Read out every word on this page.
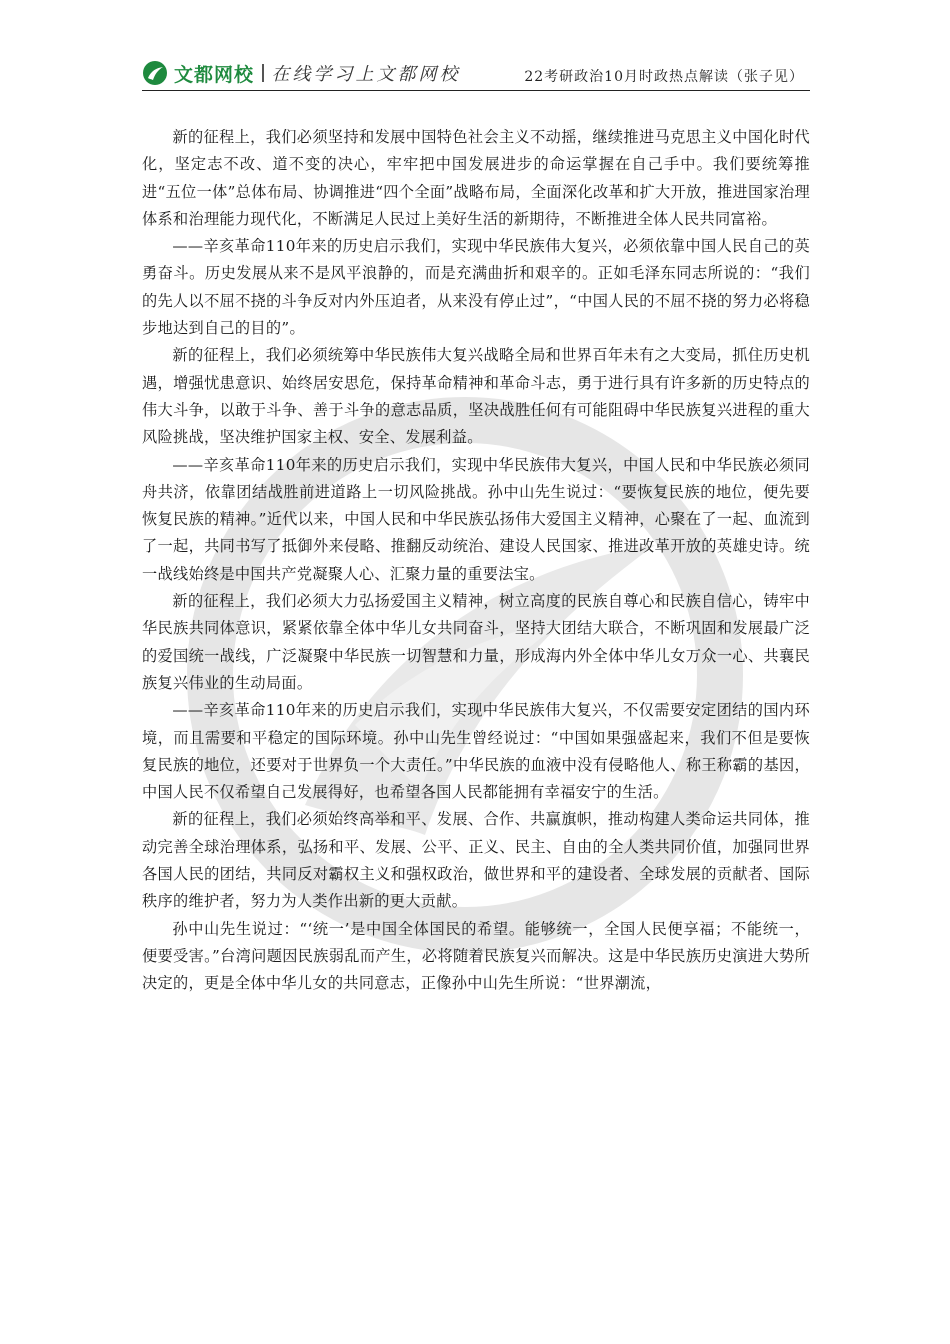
文都网校 在线学习上文都网校	22考研政治10月时政热点解读（张子见）

新的征程上，我们必须坚持和发展中国特色社会主义不动摇，继续推进马克思主义中国化时代化，坚定志不改、道不变的决心，牢牢把中国发展进步的命运掌握在自己手中。我们要统筹推进“五位一体”总体布局、协调推进“四个全面”战略布局，全面深化改革和扩大开放，推进国家治理体系和治理能力现代化，不断满足人民过上美好生活的新期待，不断推进全体人民共同富裕。

——辛亥革命110年来的历史启示我们，实现中华民族伟大复兴，必须依靠中国人民自己的英勇奋斗。历史发展从来不是风平浪静的，而是充满曲折和艰辛的。正如毛泽东同志所说的：“我们的先人以不屈不挠的斗争反对内外压迫者，从来没有停止过”，“中国人民的不屈不挠的努力必将稳步地达到自己的目的”。

新的征程上，我们必须统筹中华民族伟大复兴战略全局和世界百年未有之大变局，抓住历史机遇，增强忧患意识、始终居安思危，保持革命精神和革命斗志，勇于进行具有许多新的历史特点的伟大斗争，以敢于斗争、善于斗争的意志品质，坚决战胜任何有可能阻碍中华民族复兴进程的重大风险挑战，坚决维护国家主权、安全、发展利益。

——辛亥革命110年来的历史启示我们，实现中华民族伟大复兴，中国人民和中华民族必须同舟共济，依靠团结战胜前进道路上一切风险挑战。孙中山先生说过：“要恢复民族的地位，便先要恢复民族的精神。”近代以来，中国人民和中华民族弘扬伟大爱国主义精神，心聚在了一起、血流到了一起，共同书写了抵御外来侵略、推翻反动统治、建设人民国家、推进改革开放的英雄史诗。统一战线始终是中国共产党凝聚人心、汇聚力量的重要法宝。

新的征程上，我们必须大力弘扬爱国主义精神，树立高度的民族自尊心和民族自信心，铸牢中华民族共同体意识，紧紧依靠全体中华儿女共同奋斗，坚持大团结大联合，不断巩固和发展最广泛的爱国统一战线，广泛凝聚中华民族一切智慧和力量，形成海内外全体中华儿女万众一心、共襄民族复兴伟业的生动局面。

——辛亥革命110年来的历史启示我们，实现中华民族伟大复兴，不仅需要安定团结的国内环境，而且需要和平稳定的国际环境。孙中山先生曾经说过：“中国如果强盛起来，我们不但是要恢复民族的地位，还要对于世界负一个大责任。”中华民族的血液中没有侵略他人、称王称霸的基因，中国人民不仅希望自己发展得好，也希望各国人民都能拥有幸福安宁的生活。

新的征程上，我们必须始终高举和平、发展、合作、共赢旗帜，推动构建人类命运共同体，推动完善全球治理体系，弘扬和平、发展、公平、正义、民主、自由的全人类共同价值，加强同世界各国人民的团结，共同反对霸权主义和强权政治，做世界和平的建设者、全球发展的贡献者、国际秩序的维护者，努力为人类作出新的更大贡献。

孙中山先生说过：“‘统一’是中国全体国民的希望。能够统一，全国人民便享福；不能统一，便要受害。”台湾问题因民族弱乱而产生，必将随着民族复兴而解决。这是中华民族历史演进大势所决定的，更是全体中华儿女的共同意志，正像孙中山先生所说：“世界潮流，
